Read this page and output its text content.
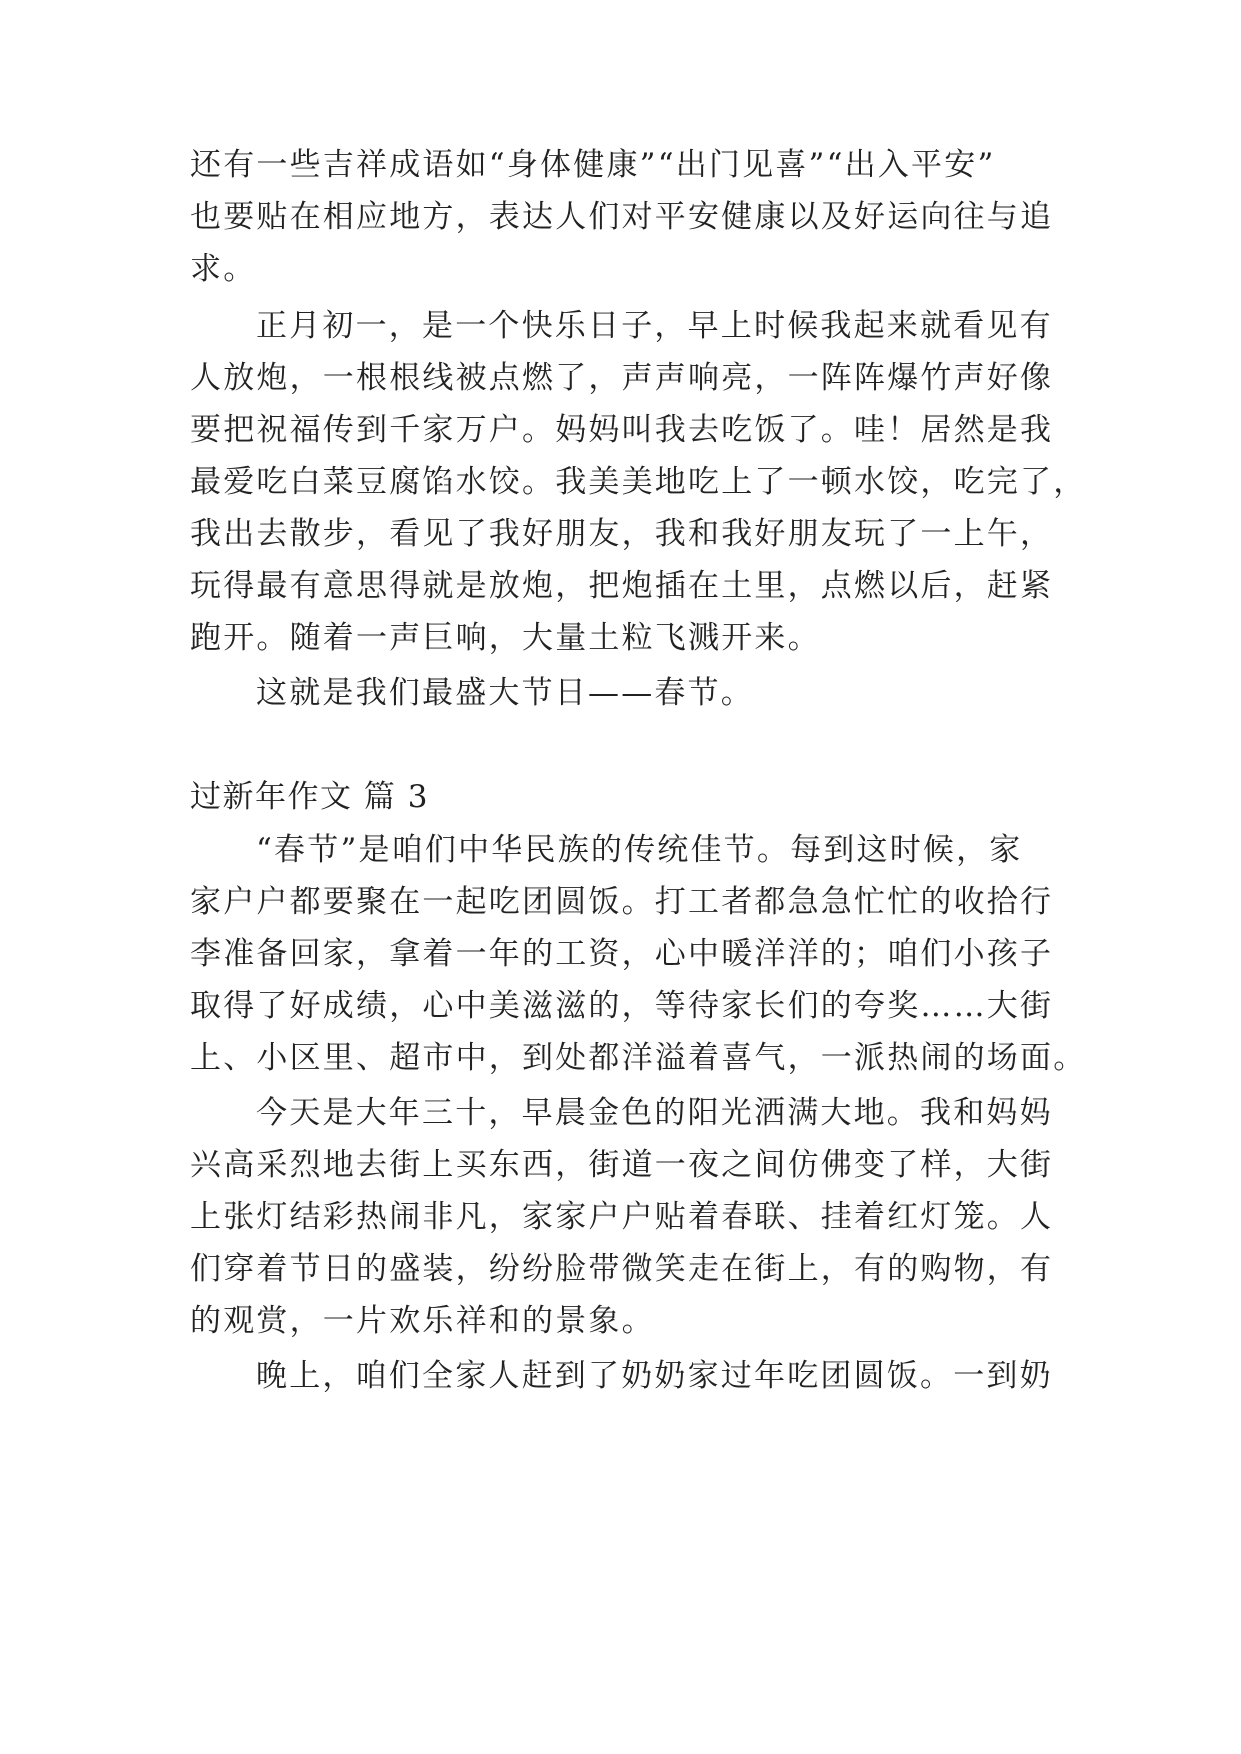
还有一些吉祥成语如“身体健康”“出门见喜”“出入平安”
也要贴在相应地方，表达人们对平安健康以及好运向往与追
求。
正月初一，是一个快乐日子，早上时候我起来就看见有
人放炮，一根根线被点燃了，声声响亮，一阵阵爆竹声好像
要把祝福传到千家万户。妈妈叫我去吃饭了。哇！居然是我
最爱吃白菜豆腐馅水饺。我美美地吃上了一顿水饺，吃完了，
我出去散步，看见了我好朋友，我和我好朋友玩了一上午，
玩得最有意思得就是放炮，把炮插在土里，点燃以后，赶紧
跑开。随着一声巨响，大量土粒飞溅开来。
这就是我们最盛大节日——春节。
过新年作文 篇 3
“春节”是咱们中华民族的传统佳节。每到这时候，家
家户户都要聚在一起吃团圆饭。打工者都急急忙忙的收拾行
李准备回家，拿着一年的工资，心中暖洋洋的；咱们小孩子
取得了好成绩，心中美滋滋的，等待家长们的夸奖……大街
上、小区里、超市中，到处都洋溢着喜气，一派热闹的场面。
今天是大年三十，早晨金色的阳光洒满大地。我和妈妈
兴高采烈地去街上买东西，街道一夜之间仿佛变了样，大街
上张灯结彩热闹非凡，家家户户贴着春联、挂着红灯笼。人
们穿着节日的盛装，纷纷脸带微笑走在街上，有的购物，有
的观赏，一片欢乐祥和的景象。
晚上，咱们全家人赶到了奶奶家过年吃团圆饭。一到奶
